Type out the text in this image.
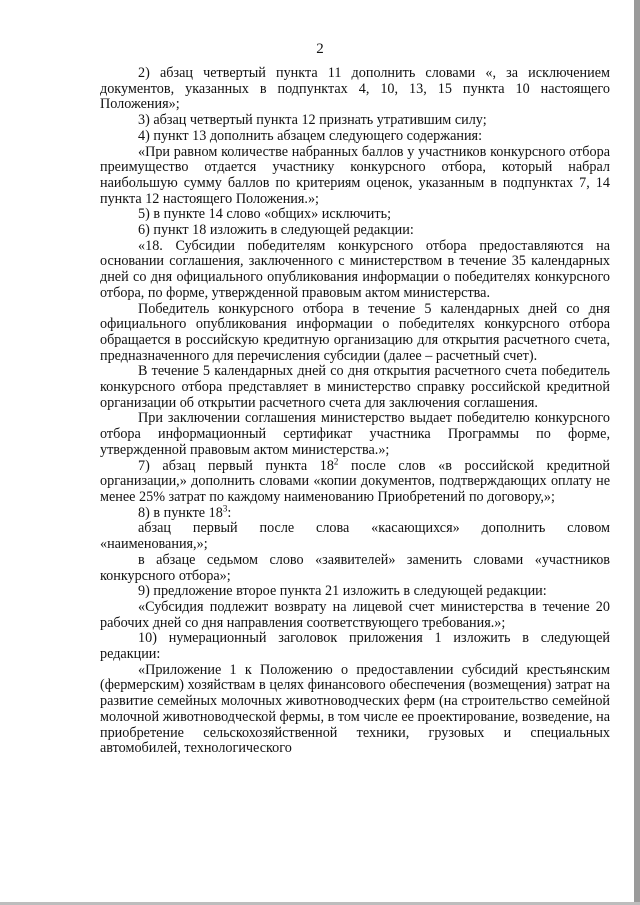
2

2) абзац четвертый пункта 11 дополнить словами «, за исключением документов, указанных в подпунктах 4, 10, 13, 15 пункта 10 настоящего Положения»;

3) абзац четвертый пункта 12 признать утратившим силу;

4) пункт 13 дополнить абзацем следующего содержания:

«При равном количестве набранных баллов у участников конкурсного отбора преимущество отдается участнику конкурсного отбора, который набрал наибольшую сумму баллов по критериям оценок, указанным в подпунктах 7, 14 пункта 12 настоящего Положения.»;

5) в пункте 14 слово «общих» исключить;

6) пункт 18 изложить в следующей редакции:

«18. Субсидии победителям конкурсного отбора предоставляются на основании соглашения, заключенного с министерством в течение 35 календарных дней со дня официального опубликования информации о победителях конкурсного отбора, по форме, утвержденной правовым актом министерства.

Победитель конкурсного отбора в течение 5 календарных дней со дня официального опубликования информации о победителях конкурсного отбора обращается в российскую кредитную организацию для открытия расчетного счета, предназначенного для перечисления субсидии (далее – расчетный счет).

В течение 5 календарных дней со дня открытия расчетного счета победитель конкурсного отбора представляет в министерство справку российской кредитной организации об открытии расчетного счета для заключения соглашения.

При заключении соглашения министерство выдает победителю конкурсного отбора информационный сертификат участника Программы по форме, утвержденной правовым актом министерства.»;

7) абзац первый пункта $18^2$ после слов «в российской кредитной организации,» дополнить словами «копии документов, подтверждающих оплату не менее 25% затрат по каждому наименованию Приобретений по договору,»;

8) в пункте $18^3$:

абзац первый после слова «касающихся» дополнить словом «наименования,»;

в абзаце седьмом слово «заявителей» заменить словами «участников конкурсного отбора»;

9) предложение второе пункта 21 изложить в следующей редакции:

«Субсидия подлежит возврату на лицевой счет министерства в течение 20 рабочих дней со дня направления соответствующего требования.»;

10) нумерационный заголовок приложения 1 изложить в следующей редакции:

«Приложение 1 к Положению о предоставлении субсидий крестьянским (фермерским) хозяйствам в целях финансового обеспечения (возмещения) затрат на развитие семейных молочных животноводческих ферм (на строительство семейной молочной животноводческой фермы, в том числе ее проектирование, возведение, на приобретение сельскохозяйственной техники, грузовых и специальных автомобилей, технологического
